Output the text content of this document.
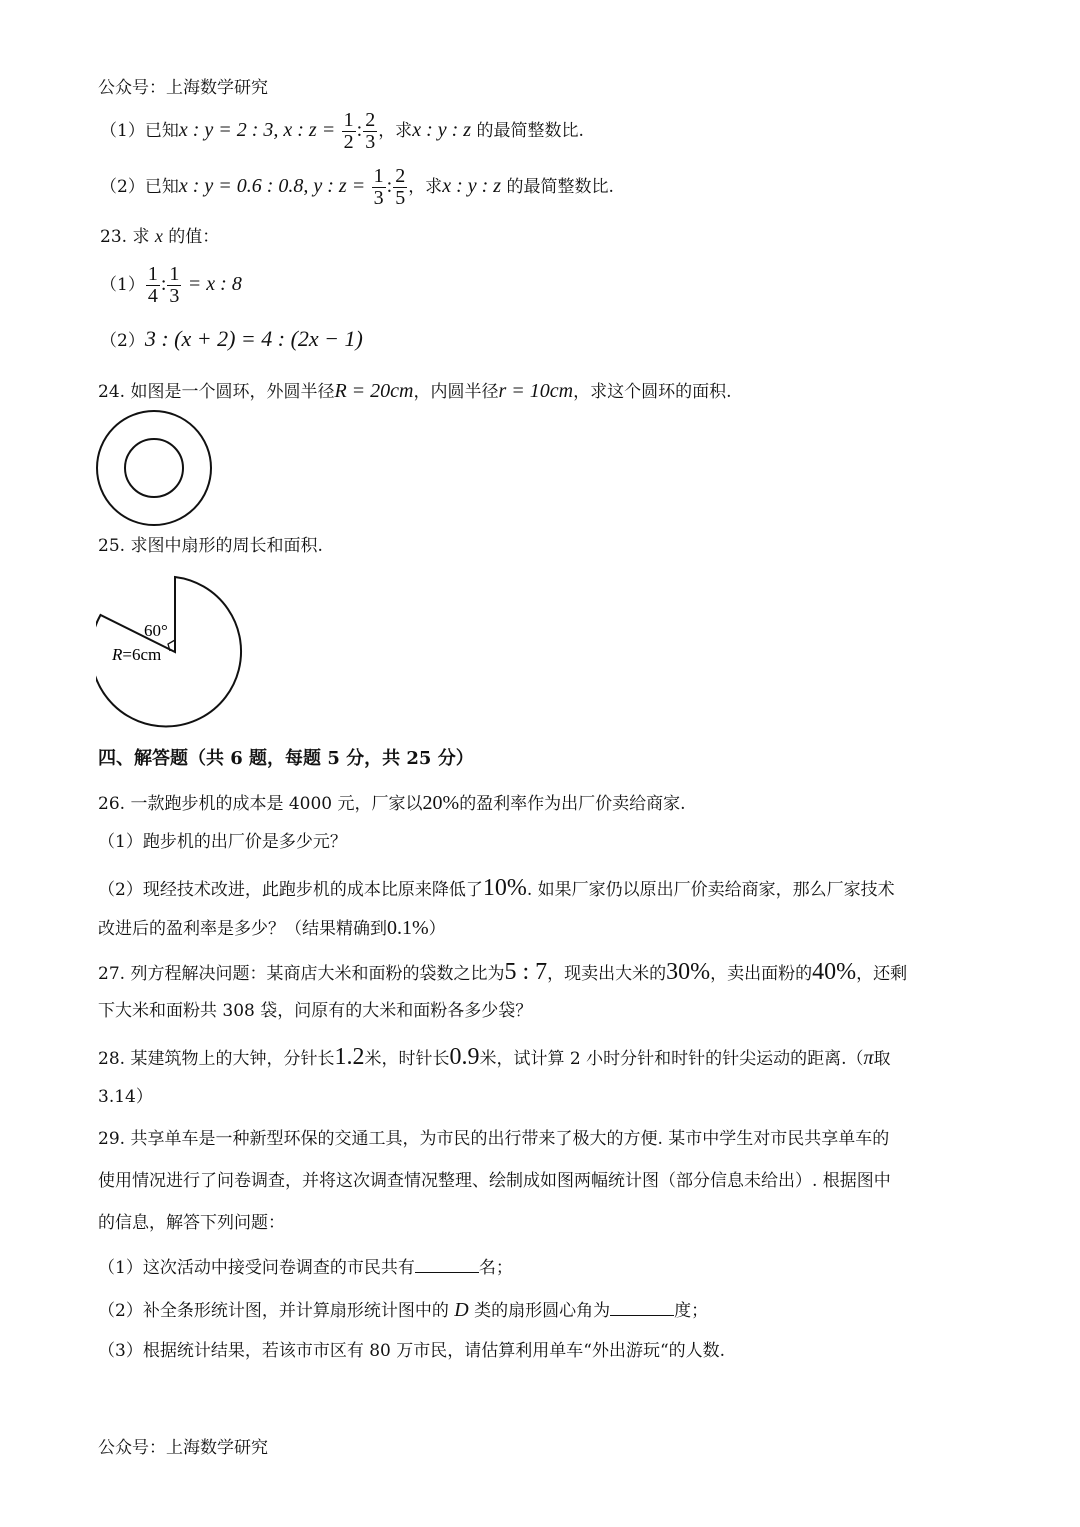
公众号：上海数学研究
（1）已知x : y = 2 : 3, x : $z = \frac{1}{2}$ : $\frac{2}{3}$ ，求x : y : z 的最简整数比.
（2）已知x : y = 0.6 : 0.8, y : $z = \frac{1}{3}$ : $\frac{2}{5}$ ，求x : y : z 的最简整数比.
23. 求 x 的值：
$(1) \frac{1}{4}$ : $\frac{1}{3} = x$ : 8
（2）3 : (x + 2) = 4 : (2x − 1)
24. 如图是一个圆环，外圆半径R = 20cm，内圆半径r = 10cm，求这个圆环的面积.
25. 求图中扇形的周长和面积.
60°
R=6cm
四、解答题（共 6 题，每题 5 分，共 25 分）
26. 一款跑步机的成本是 4000 元，厂家以20%的盈利率作为出厂价卖给商家.
（1）跑步机的出厂价是多少元？
（2）现经技术改进，此跑步机的成本比原来降低了10%. 如果厂家仍以原出厂价卖给商家，那么厂家技术
改进后的盈利率是多少？（结果精确到0.1%）
27. 列方程解决问题：某商店大米和面粉的袋数之比为5 : 7，现卖出大米的30%，卖出面粉的40%，还剩
下大米和面粉共 308 袋，问原有的大米和面粉各多少袋？
28. 某建筑物上的大钟，分针长1.2米，时针长0.9米，试计算 2 小时分针和时针的针尖运动的距离.（π取
3.14）
29. 共享单车是一种新型环保的交通工具，为市民的出行带来了极大的方便. 某市中学生对市民共享单车的
使用情况进行了问卷调查，并将这次调查情况整理、绘制成如图两幅统计图（部分信息未给出）. 根据图中
的信息，解答下列问题：
（1）这次活动中接受问卷调查的市民共有	名；
（2）补全条形统计图，并计算扇形统计图中的 D 类的扇形圆心角为	度；
（3）根据统计结果，若该市市区有 80 万市民，请估算利用单车“外出游玩“的人数.
公众号：上海数学研究
